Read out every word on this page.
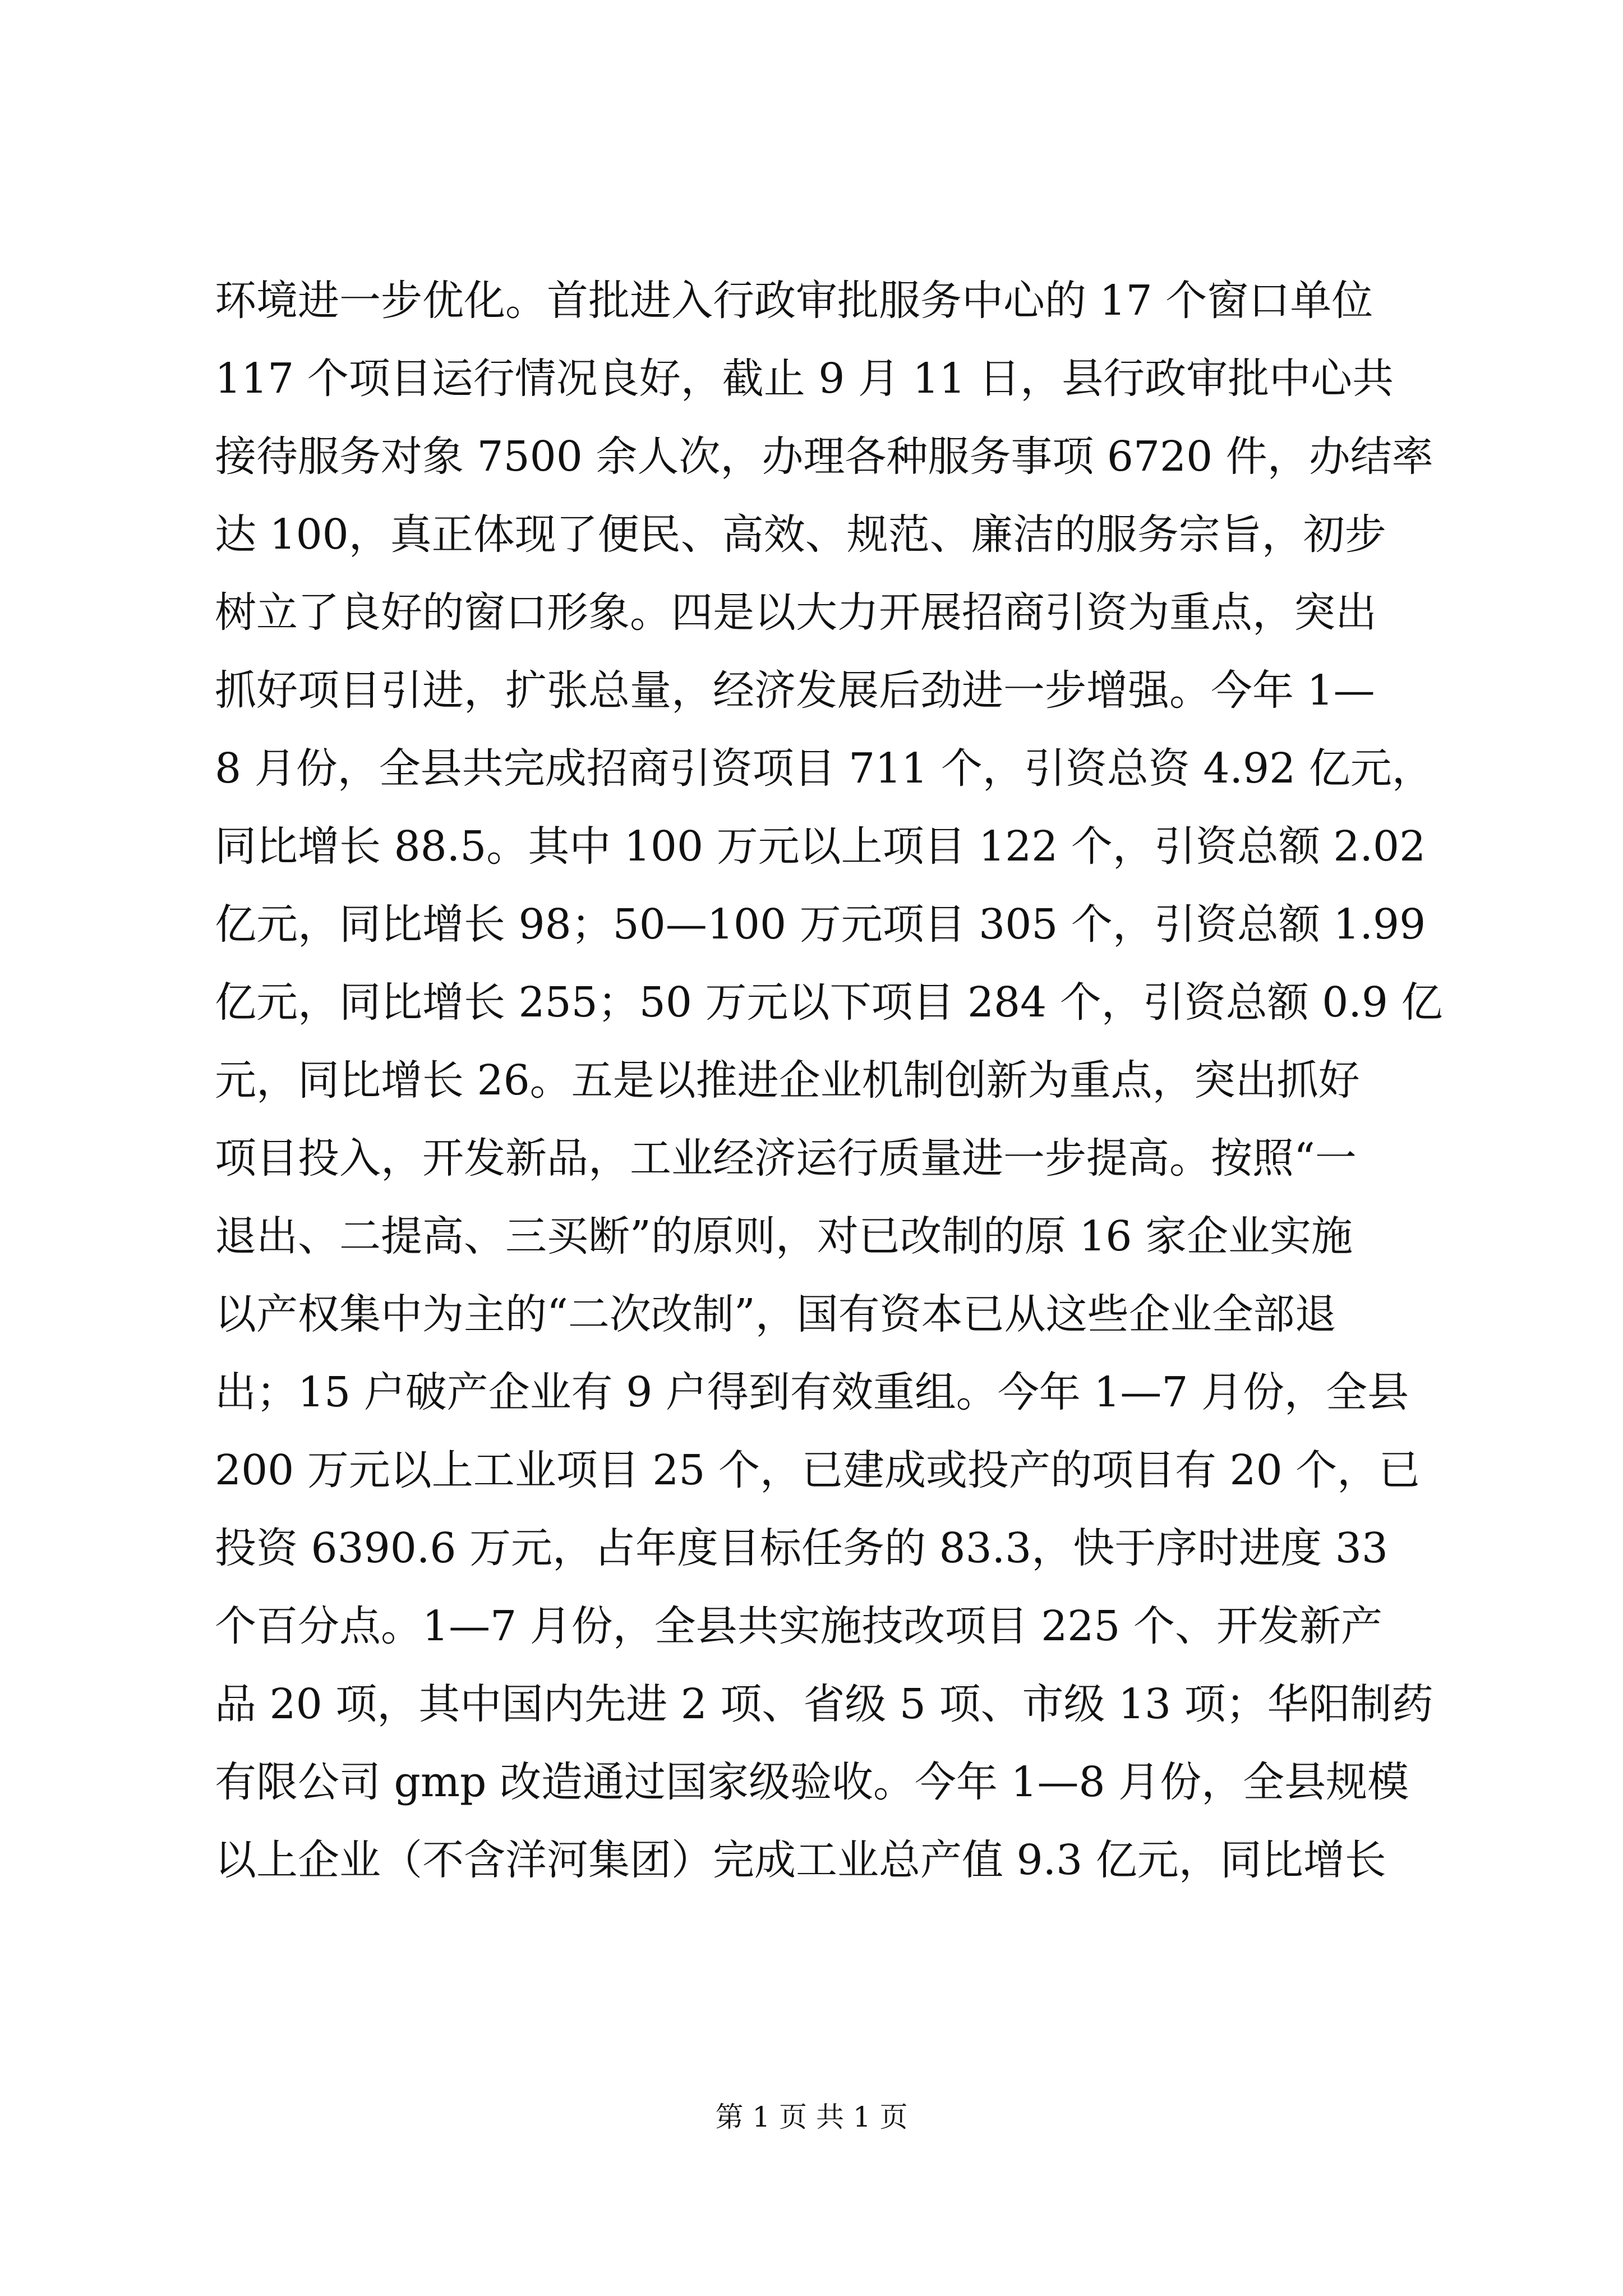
环境进一步优化。首批进入行政审批服务中心的 17 个窗口单位
117 个项目运行情况良好，截止 9 月 11 日，县行政审批中心共
接待服务对象 7500 余人次，办理各种服务事项 6720 件，办结率
达 100，真正体现了便民、高效、规范、廉洁的服务宗旨，初步
树立了良好的窗口形象。四是以大力开展招商引资为重点，突出
抓好项目引进，扩张总量，经济发展后劲进一步增强。今年 1—
8 月份，全县共完成招商引资项目 711 个，引资总资 4.92 亿元，
同比增长 88.5。其中 100 万元以上项目 122 个，引资总额 2.02
亿元，同比增长 98；50—100 万元项目 305 个，引资总额 1.99
亿元，同比增长 255；50 万元以下项目 284 个，引资总额 0.9 亿
元，同比增长 26。五是以推进企业机制创新为重点，突出抓好
项目投入，开发新品，工业经济运行质量进一步提高。按照“一
退出、二提高、三买断”的原则，对已改制的原 16 家企业实施
以产权集中为主的“二次改制”，国有资本已从这些企业全部退
出；15 户破产企业有 9 户得到有效重组。今年 1—7 月份，全县
200 万元以上工业项目 25 个，已建成或投产的项目有 20 个，已
投资 6390.6 万元，占年度目标任务的 83.3，快于序时进度 33
个百分点。1—7 月份，全县共实施技改项目 225 个、开发新产
品 20 项，其中国内先进 2 项、省级 5 项、市级 13 项；华阳制药
有限公司 gmp 改造通过国家级验收。今年 1—8 月份，全县规模
以上企业（不含洋河集团）完成工业总产值 9.3 亿元，同比增长
第 1 页 共 1 页
